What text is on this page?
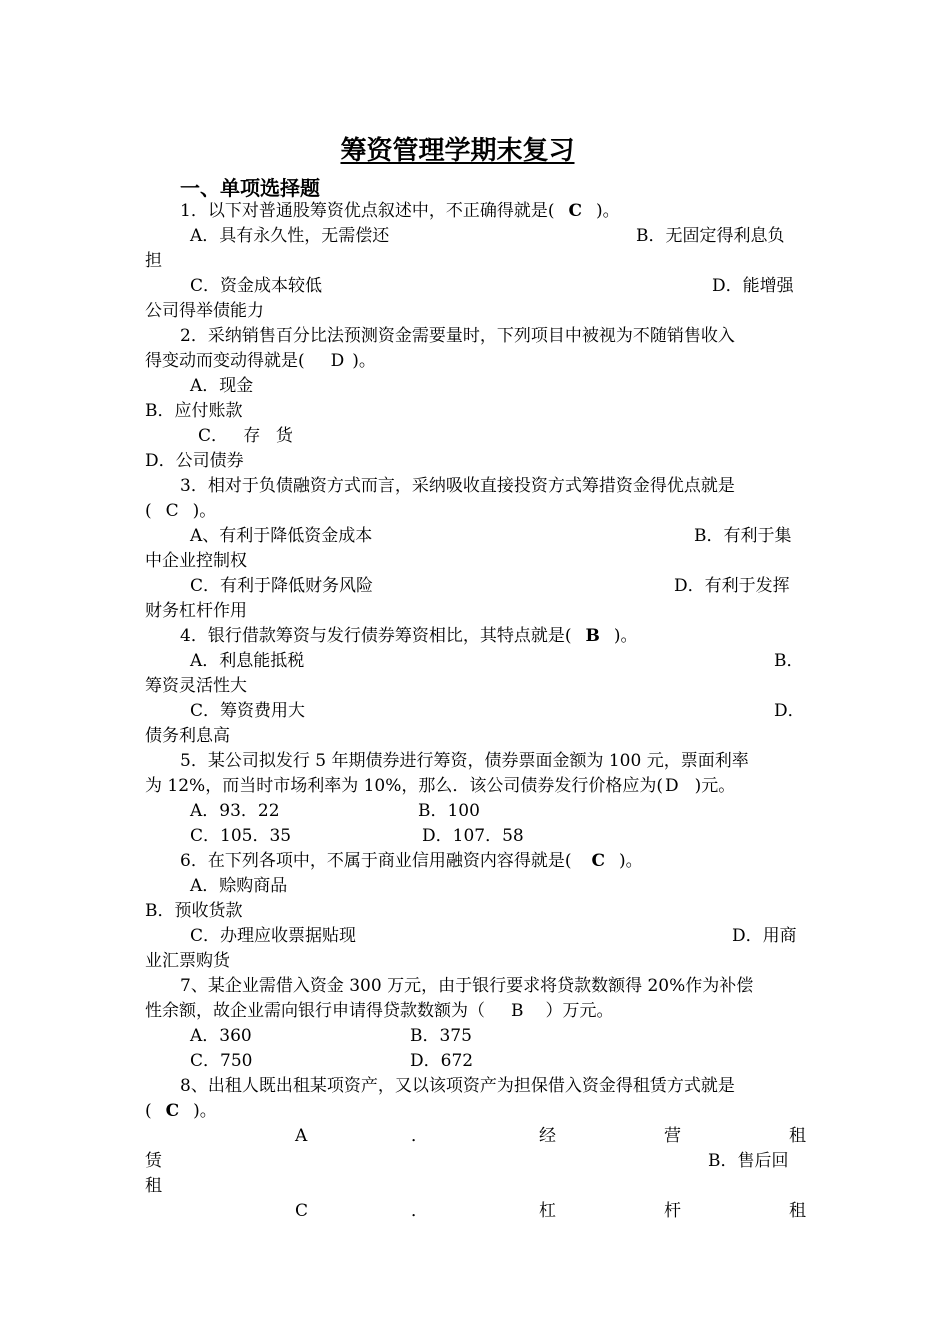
筹资管理学期末复习
一、单项选择题
1．以下对普通股筹资优点叙述中，不正确得就是( C )。
A．具有永久性，无需偿还	B．无固定得利息负
担
C．资金成本较低	D．能增强
公司得举债能力
2．采纳销售百分比法预测资金需要量时，下列项目中被视为不随销售收入
得变动而变动得就是( D )。
A．现金
B．应付账款
C． 存 货
D．公司债券
3．相对于负债融资方式而言，采纳吸收直接投资方式筹措资金得优点就是
( C )。
A、有利于降低资金成本	B．有利于集
中企业控制权
C．有利于降低财务风险	D．有利于发挥
财务杠杆作用
4．银行借款筹资与发行债券筹资相比，其特点就是( B )。
A．利息能抵税	B．
筹资灵活性大
C．筹资费用大	D．
债务利息高
5．某公司拟发行 5 年期债券进行筹资，债券票面金额为 100 元，票面利率
为 12%，而当时市场利率为 10%，那么．该公司债券发行价格应为( D )元。
A．93．22	B．100
C．105．35	D．107．58
6．在下列各项中，不属于商业信用融资内容得就是( C )。
A．赊购商品
B．预收货款
C．办理应收票据贴现	D．用商
业汇票购货
7、某企业需借入资金 300 万元，由于银行要求将贷款数额得 20%作为补偿
性余额，故企业需向银行申请得贷款数额为（ B ）万元。
A．360	B．375
C．750	D．672
8、出租人既出租某项资产，又以该项资产为担保借入资金得租赁方式就是
( C )。
A	．	经	营	租
赁	B．售后回
租
C	．	杠	杆	租
